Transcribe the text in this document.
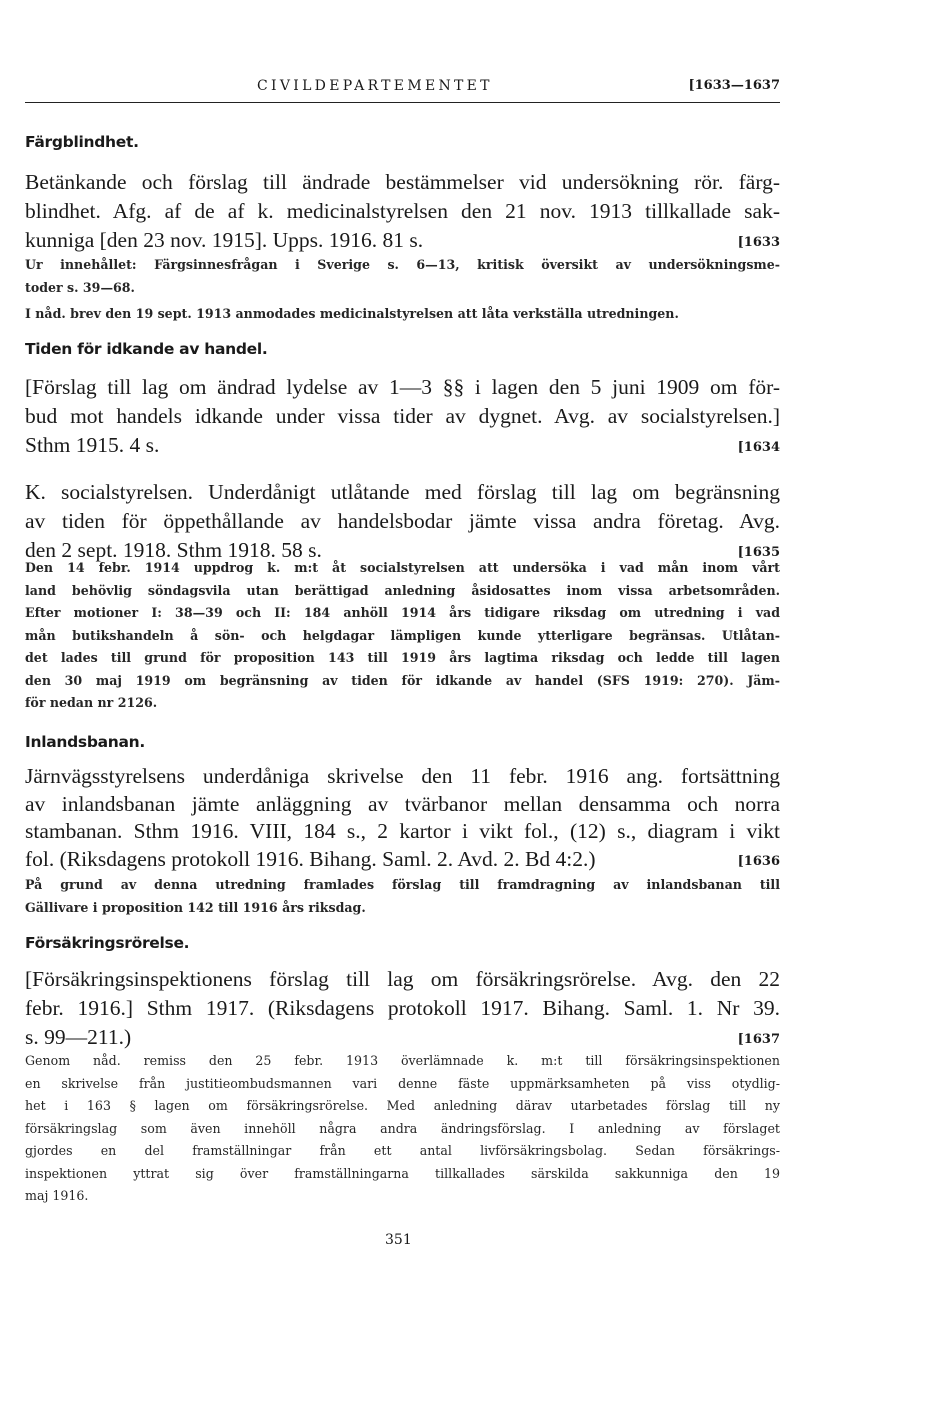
CIVILDEPARTEMENTET	[1633—1637
Färgblindhet.
Betänkande och förslag till ändrade bestämmelser vid undersökning rör. färg-
blindhet. Afg. af de af k. medicinalstyrelsen den 21 nov. 1913 tillkallade sak-
[1633
kunniga [den 23 nov. 1915]. Upps. 1916. 81 s.
Ur innehållet: Färgsinnesfrågan i Sverige s. 6—13, kritisk översikt av undersökningsme-
toder s. 39—68.
I nåd. brev den 19 sept. 1913 anmodades medicinalstyrelsen att låta verkställa utredningen.
Tiden för idkande av handel.
[Förslag till lag om ändrad lydelse av 1—3 §§ i lagen den 5 juni 1909 om för-
bud mot handels idkande under vissa tider av dygnet. Avg. av socialstyrelsen.]
[1634
Sthm 1915. 4 s.
K. socialstyrelsen. Underdånigt utlåtande med förslag till lag om begränsning
av tiden för öppethållande av handelsbodar jämte vissa andra företag. Avg.
[1635
den 2 sept. 1918. Sthm 1918. 58 s.
Den 14 febr. 1914 uppdrog k. m:t åt socialstyrelsen att undersöka i vad mån inom vårt
land behövlig söndagsvila utan berättigad anledning åsidosattes inom vissa arbetsområden.
Efter motioner I: 38—39 och II: 184 anhöll 1914 års tidigare riksdag om utredning i vad
mån butikshandeln å sön- och helgdagar lämpligen kunde ytterligare begränsas. Utlåtan-
det lades till grund för proposition 143 till 1919 års lagtima riksdag och ledde till lagen
den 30 maj 1919 om begränsning av tiden för idkande av handel (SFS 1919: 270). Jäm-
för nedan nr 2126.
Inlandsbanan.
Järnvägsstyrelsens underdåniga skrivelse den 11 febr. 1916 ang. fortsättning
av inlandsbanan jämte anläggning av tvärbanor mellan densamma och norra
stambanan. Sthm 1916. VIII, 184 s., 2 kartor i vikt fol., (12) s., diagram i vikt
[1636
fol. (Riksdagens protokoll 1916. Bihang. Saml. 2. Avd. 2. Bd 4:2.)
På grund av denna utredning framlades förslag till framdragning av inlandsbanan till
Gällivare i proposition 142 till 1916 års riksdag.
Försäkringsrörelse.
[Försäkringsinspektionens förslag till lag om försäkringsrörelse. Avg. den 22
febr. 1916.] Sthm 1917. (Riksdagens protokoll 1917. Bihang. Saml. 1. Nr 39.
[1637
s. 99—211.)
Genom nåd. remiss den 25 febr. 1913 överlämnade k. m:t till försäkringsinspektionen
en skrivelse från justitieombudsmannen vari denne fäste uppmärksamheten på viss otydlig-
het i 163 § lagen om försäkringsrörelse. Med anledning därav utarbetades förslag till ny
försäkringslag som även innehöll några andra ändringsförslag. I anledning av förslaget
gjordes en del framställningar från ett antal livförsäkringsbolag. Sedan försäkrings-
inspektionen yttrat sig över framställningarna tillkallades särskilda sakkunniga den 19
maj 1916.
351
